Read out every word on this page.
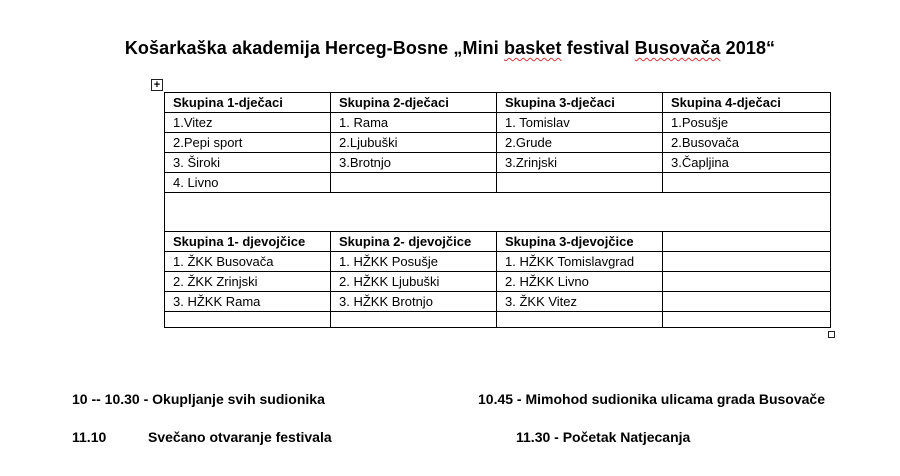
Košarkaška akademija Herceg-Bosne „Mini basket festival Busovača 2018“
+
Skupina 1-dječaci	Skupina 2-dječaci	Skupina 3-dječaci	Skupina 4-dječaci
1.Vitez	1. Rama	1. Tomislav	1.Posušje
2.Pepi sport	2.Ljubuški	2.Grude	2.Busovača
3. Široki	3.Brotnjo	3.Zrinjski	3.Čapljina
4. Livno			

Skupina 1- djevojčice	Skupina 2- djevojčice	Skupina 3-djevojčice	
1. ŽKK Busovača	1. HŽKK Posušje	1. HŽKK Tomislavgrad	
2. ŽKK Zrinjski	2. HŽKK Ljubuški	2. HŽKK Livno	
3. HŽKK Rama	3. HŽKK Brotnjo	3. ŽKK Vitez	

10 -- 10.30 - Okupljanje svih sudionika	10.45 - Mimohod sudionika ulicama grada Busovače
11.10	Svečano otvaranje festivala	11.30 - Početak Natjecanja
